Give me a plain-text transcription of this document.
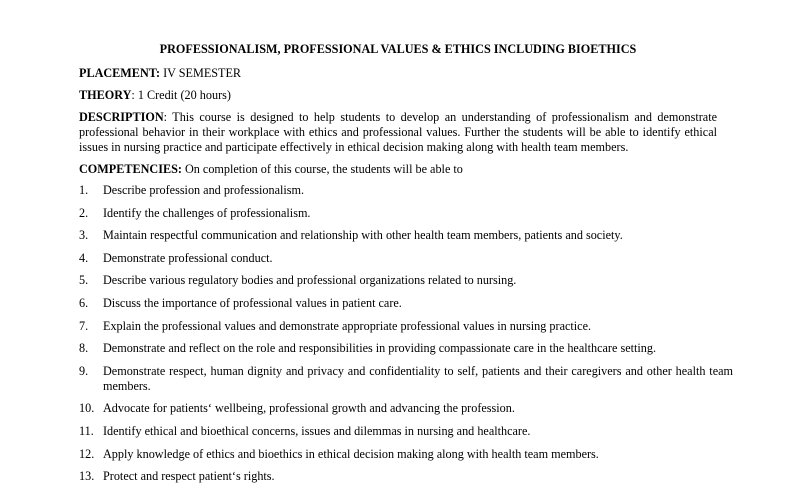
PROFESSIONALISM, PROFESSIONAL VALUES & ETHICS INCLUDING BIOETHICS
PLACEMENT: IV SEMESTER
THEORY: 1 Credit (20 hours)
DESCRIPTION: This course is designed to help students to develop an understanding of professionalism and demonstrate professional behavior in their workplace with ethics and professional values. Further the students will be able to identify ethical issues in nursing practice and participate effectively in ethical decision making along with health team members.
COMPETENCIES: On completion of this course, the students will be able to
1. Describe profession and professionalism.
2. Identify the challenges of professionalism.
3. Maintain respectful communication and relationship with other health team members, patients and society.
4. Demonstrate professional conduct.
5. Describe various regulatory bodies and professional organizations related to nursing.
6. Discuss the importance of professional values in patient care.
7. Explain the professional values and demonstrate appropriate professional values in nursing practice.
8. Demonstrate and reflect on the role and responsibilities in providing compassionate care in the healthcare setting.
9. Demonstrate respect, human dignity and privacy and confidentiality to self, patients and their caregivers and other health team members.
10. Advocate for patients‘ wellbeing, professional growth and advancing the profession.
11. Identify ethical and bioethical concerns, issues and dilemmas in nursing and healthcare.
12. Apply knowledge of ethics and bioethics in ethical decision making along with health team members.
13. Protect and respect patient‘s rights.
